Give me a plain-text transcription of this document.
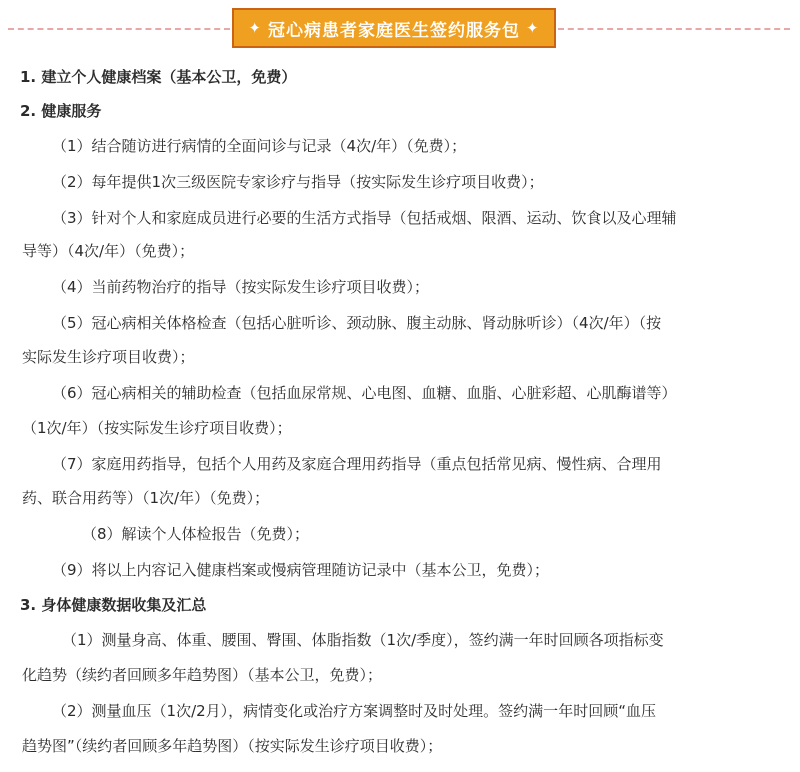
✦ 冠心病患者家庭医生签约服务包 ✦
1. 建立个人健康档案（基本公卫，免费）
2. 健康服务
（1）结合随访进行病情的全面问诊与记录（4次/年）（免费）；
（2）每年提供1次三级医院专家诊疗与指导（按实际发生诊疗项目收费）；
（3）针对个人和家庭成员进行必要的生活方式指导（包括戒烟、限酒、运动、饮食以及心理辅
导等）（4次/年）（免费）；
（4）当前药物治疗的指导（按实际发生诊疗项目收费）；
（5）冠心病相关体格检查（包括心脏听诊、颈动脉、腹主动脉、肾动脉听诊）（4次/年）（按
实际发生诊疗项目收费）；
（6）冠心病相关的辅助检查（包括血尿常规、心电图、血糖、血脂、心脏彩超、心肌酶谱等）
（1次/年）（按实际发生诊疗项目收费）；
（7）家庭用药指导，包括个人用药及家庭合理用药指导（重点包括常见病、慢性病、合理用
药、联合用药等）（1次/年）（免费）；
（8）解读个人体检报告（免费）；
（9）将以上内容记入健康档案或慢病管理随访记录中（基本公卫，免费）；
3. 身体健康数据收集及汇总
（1）测量身高、体重、腰围、臀围、体脂指数（1次/季度），签约满一年时回顾各项指标变
化趋势（续约者回顾多年趋势图）（基本公卫，免费）；
（2）测量血压（1次/2月），病情变化或治疗方案调整时及时处理。签约满一年时回顾“血压
趋势图”（续约者回顾多年趋势图）（按实际发生诊疗项目收费）；
